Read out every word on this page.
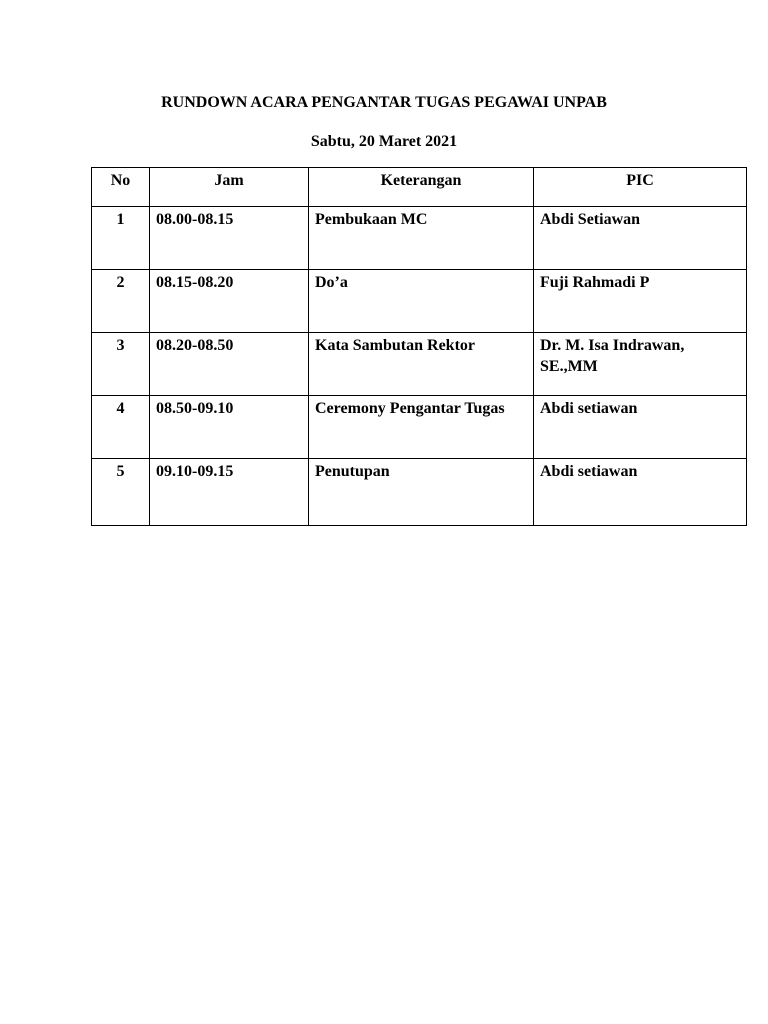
RUNDOWN ACARA PENGANTAR TUGAS PEGAWAI UNPAB
Sabtu, 20 Maret 2021
No	Jam	Keterangan	PIC
1	08.00-08.15	Pembukaan MC	Abdi Setiawan
2	08.15-08.20	Do’a	Fuji Rahmadi P
3	08.20-08.50	Kata Sambutan Rektor	Dr. M. Isa Indrawan, SE.,MM
4	08.50-09.10	Ceremony Pengantar Tugas	Abdi setiawan
5	09.10-09.15	Penutupan	Abdi setiawan
